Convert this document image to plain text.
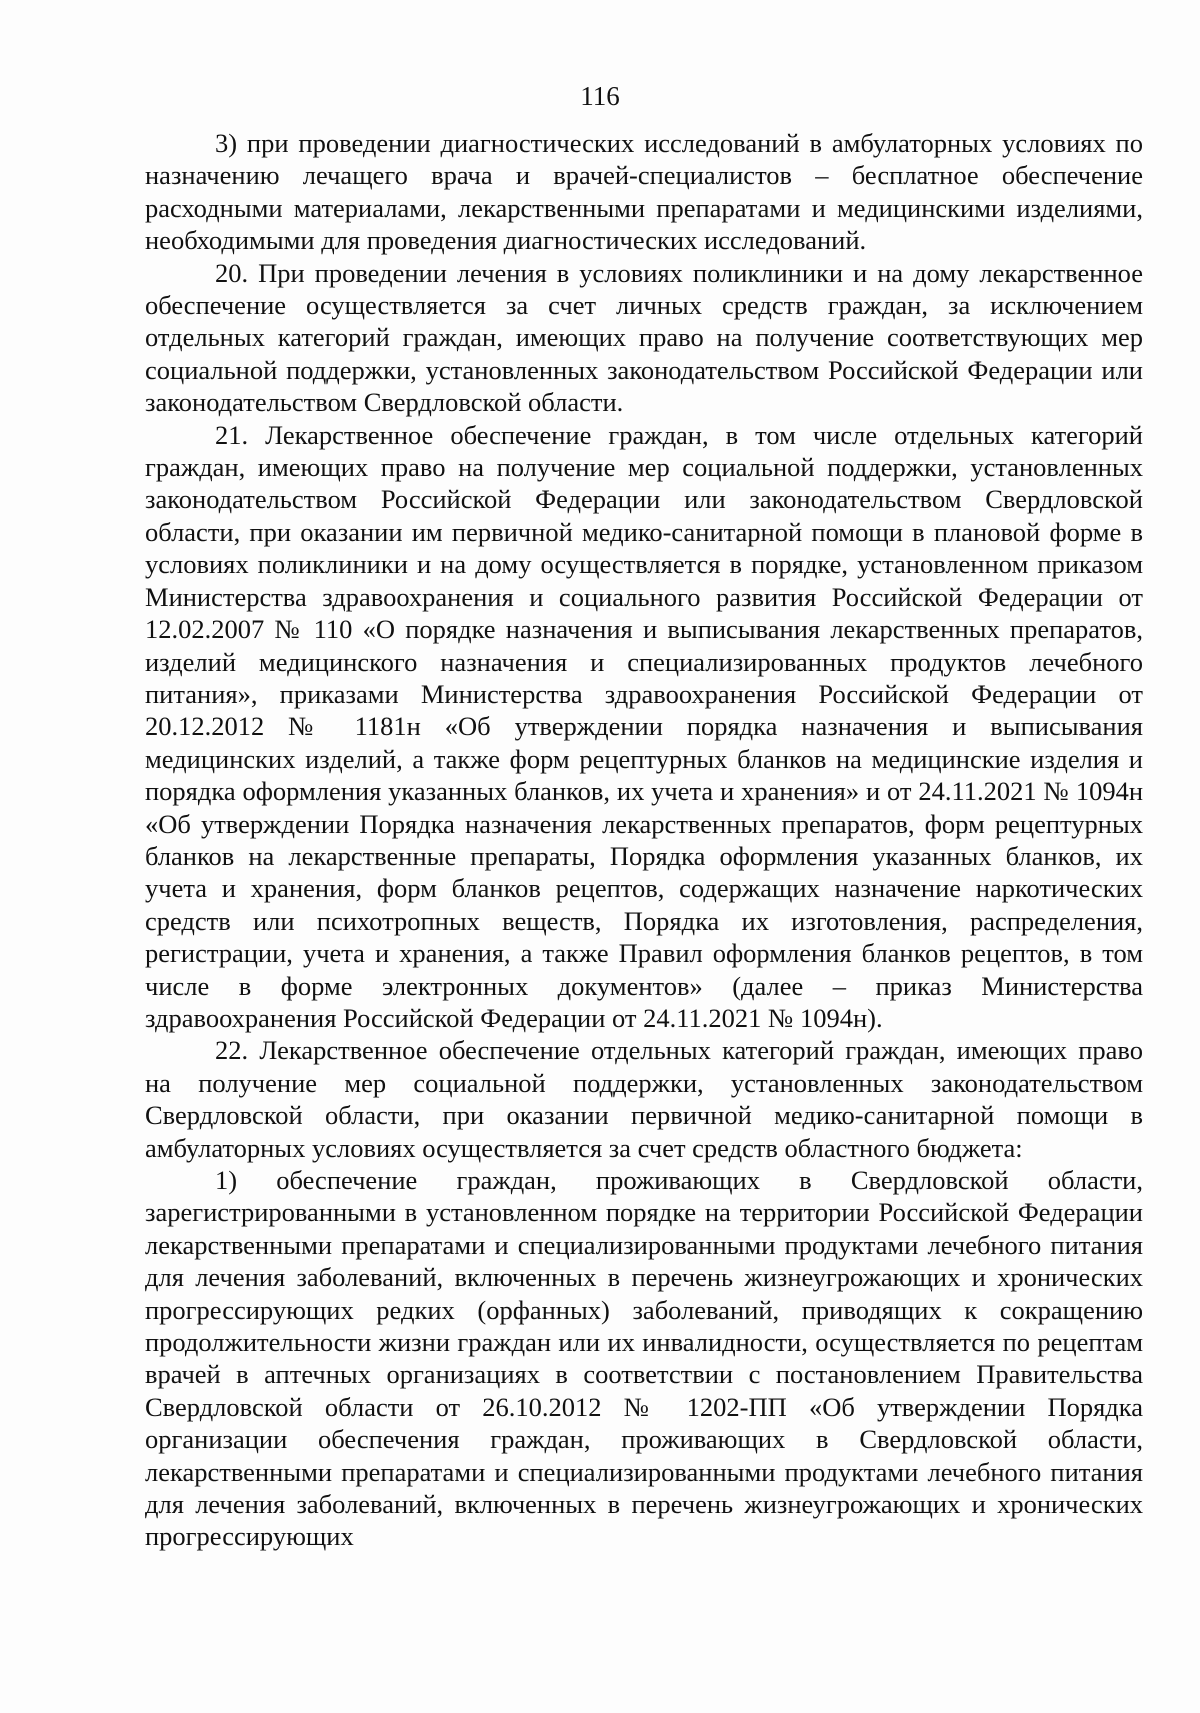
116

3) при проведении диагностических исследований в амбулаторных условиях по назначению лечащего врача и врачей-специалистов – бесплатное обеспечение расходными материалами, лекарственными препаратами и медицинскими изделиями, необходимыми для проведения диагностических исследований.

20. При проведении лечения в условиях поликлиники и на дому лекарственное обеспечение осуществляется за счет личных средств граждан, за исключением отдельных категорий граждан, имеющих право на получение соответствующих мер социальной поддержки, установленных законодательством Российской Федерации или законодательством Свердловской области.

21. Лекарственное обеспечение граждан, в том числе отдельных категорий граждан, имеющих право на получение мер социальной поддержки, установленных законодательством Российской Федерации или законодательством Свердловской области, при оказании им первичной медико-санитарной помощи в плановой форме в условиях поликлиники и на дому осуществляется в порядке, установленном приказом Министерства здравоохранения и социального развития Российской Федерации от 12.02.2007 № 110 «О порядке назначения и выписывания лекарственных препаратов, изделий медицинского назначения и специализированных продуктов лечебного питания», приказами Министерства здравоохранения Российской Федерации от 20.12.2012 № 1181н «Об утверждении порядка назначения и выписывания медицинских изделий, а также форм рецептурных бланков на медицинские изделия и порядка оформления указанных бланков, их учета и хранения» и от 24.11.2021 № 1094н «Об утверждении Порядка назначения лекарственных препаратов, форм рецептурных бланков на лекарственные препараты, Порядка оформления указанных бланков, их учета и хранения, форм бланков рецептов, содержащих назначение наркотических средств или психотропных веществ, Порядка их изготовления, распределения, регистрации, учета и хранения, а также Правил оформления бланков рецептов, в том числе в форме электронных документов» (далее – приказ Министерства здравоохранения Российской Федерации от 24.11.2021 № 1094н).

22. Лекарственное обеспечение отдельных категорий граждан, имеющих право на получение мер социальной поддержки, установленных законодательством Свердловской области, при оказании первичной медико-санитарной помощи в амбулаторных условиях осуществляется за счет средств областного бюджета:

1) обеспечение граждан, проживающих в Свердловской области, зарегистрированными в установленном порядке на территории Российской Федерации лекарственными препаратами и специализированными продуктами лечебного питания для лечения заболеваний, включенных в перечень жизнеугрожающих и хронических прогрессирующих редких (орфанных) заболеваний, приводящих к сокращению продолжительности жизни граждан или их инвалидности, осуществляется по рецептам врачей в аптечных организациях в соответствии с постановлением Правительства Свердловской области от 26.10.2012 № 1202-ПП «Об утверждении Порядка организации обеспечения граждан, проживающих в Свердловской области, лекарственными препаратами и специализированными продуктами лечебного питания для лечения заболеваний, включенных в перечень жизнеугрожающих и хронических прогрессирующих
